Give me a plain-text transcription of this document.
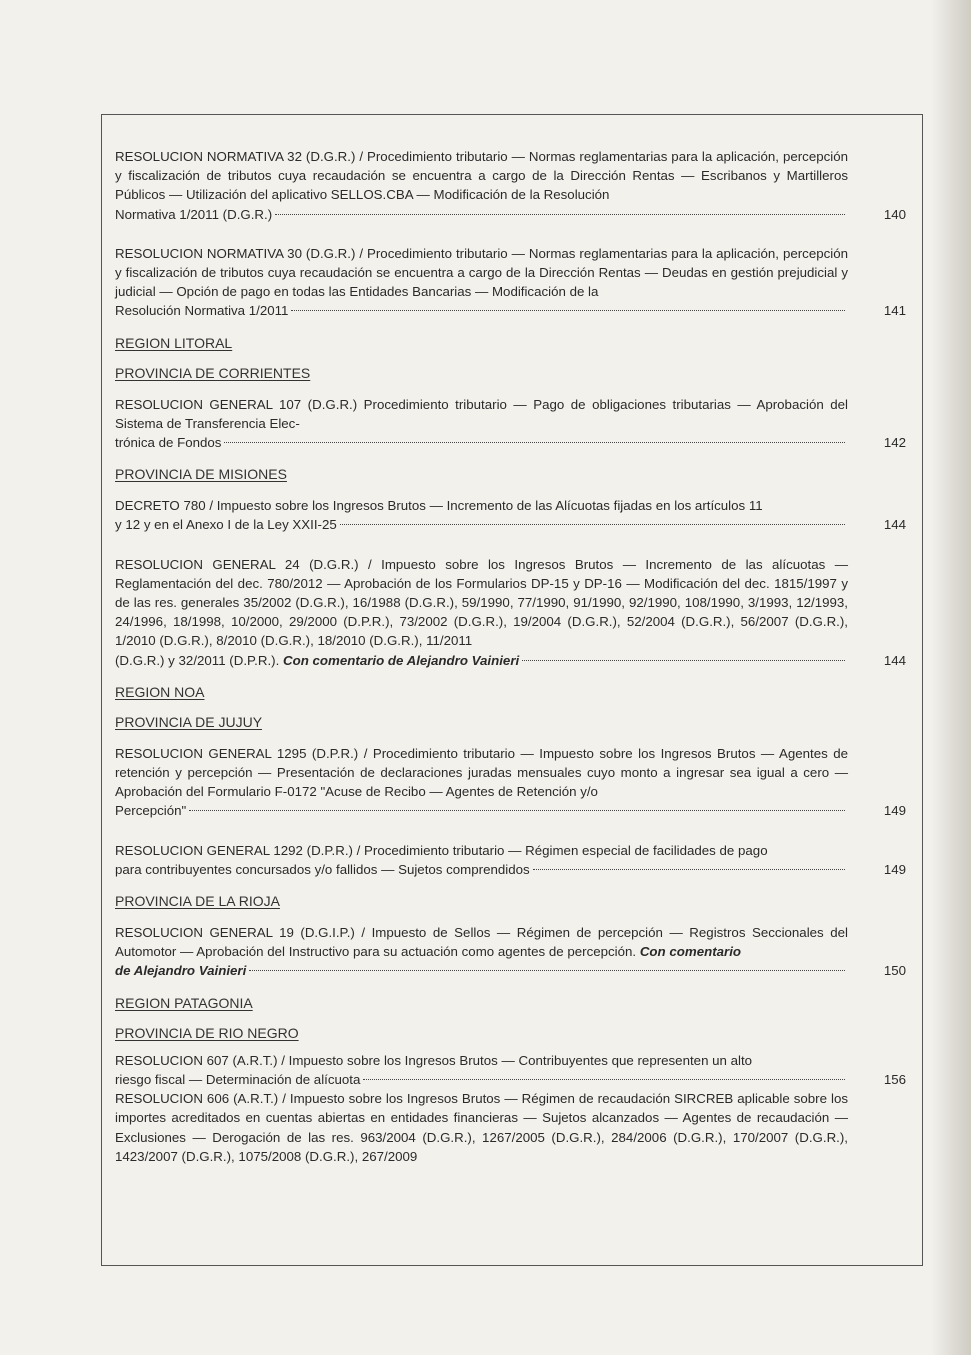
RESOLUCION NORMATIVA 32 (D.G.R.) / Procedimiento tributario — Normas reglamentarias para la aplicación, percepción y fiscalización de tributos cuya recaudación se encuentra a cargo de la Dirección Rentas — Escribanos y Martilleros Públicos — Utilización del aplicativo SELLOS.CBA — Modificación de la Resolución
Normativa 1/2011 (D.G.R.)	140
RESOLUCION NORMATIVA 30 (D.G.R.) / Procedimiento tributario — Normas reglamentarias para la aplicación, percepción y fiscalización de tributos cuya recaudación se encuentra a cargo de la Dirección Rentas — Deudas en gestión prejudicial y judicial — Opción de pago en todas las Entidades Bancarias — Modificación de la
Resolución Normativa 1/2011	141
REGION LITORAL
PROVINCIA DE CORRIENTES
RESOLUCION GENERAL 107 (D.G.R.) Procedimiento tributario — Pago de obligaciones tributarias — Aprobación del Sistema de Transferencia Elec-
trónica de Fondos	142
PROVINCIA DE MISIONES
DECRETO 780 / Impuesto sobre los Ingresos Brutos — Incremento de las Alícuotas fijadas en los artículos 11
y 12 y en el Anexo I de la Ley XXII-25	144
RESOLUCION GENERAL 24 (D.G.R.) / Impuesto sobre los Ingresos Brutos — Incremento de las alícuotas — Reglamentación del dec. 780/2012 — Aprobación de los Formularios DP-15 y DP-16 — Modificación del dec. 1815/1997 y de las res. generales 35/2002 (D.G.R.), 16/1988 (D.G.R.), 59/1990, 77/1990, 91/1990, 92/1990, 108/1990, 3/1993, 12/1993, 24/1996, 18/1998, 10/2000, 29/2000 (D.P.R.), 73/2002 (D.G.R.), 19/2004 (D.G.R.), 52/2004 (D.G.R.), 56/2007 (D.G.R.), 1/2010 (D.G.R.), 8/2010 (D.G.R.), 18/2010 (D.G.R.), 11/2011
(D.G.R.) y 32/2011 (D.P.R.). Con comentario de Alejandro Vainieri	144
REGION NOA
PROVINCIA DE JUJUY
RESOLUCION GENERAL 1295 (D.P.R.) / Procedimiento tributario — Impuesto sobre los Ingresos Brutos — Agentes de retención y percepción — Presentación de declaraciones juradas mensuales cuyo monto a ingresar sea igual a cero — Aprobación del Formulario F-0172 "Acuse de Recibo — Agentes de Retención y/o
Percepción"	149
RESOLUCION GENERAL 1292 (D.P.R.) / Procedimiento tributario — Régimen especial de facilidades de pago
para contribuyentes concursados y/o fallidos — Sujetos comprendidos	149
PROVINCIA DE LA RIOJA
RESOLUCION GENERAL 19 (D.G.I.P.) / Impuesto de Sellos — Régimen de percepción — Registros Seccionales del Automotor — Aprobación del Instructivo para su actuación como agentes de percepción. Con comentario
de Alejandro Vainieri	150
REGION PATAGONIA
PROVINCIA DE RIO NEGRO
RESOLUCION 607 (A.R.T.) / Impuesto sobre los Ingresos Brutos — Contribuyentes que representen un alto
riesgo fiscal — Determinación de alícuota	156
RESOLUCION 606 (A.R.T.) / Impuesto sobre los Ingresos Brutos — Régimen de recaudación SIRCREB aplicable sobre los importes acreditados en cuentas abiertas en entidades financieras — Sujetos alcanzados — Agentes de recaudación — Exclusiones — Derogación de las res. 963/2004 (D.G.R.), 1267/2005 (D.G.R.), 284/2006 (D.G.R.), 170/2007 (D.G.R.), 1423/2007 (D.G.R.), 1075/2008 (D.G.R.), 267/2009
